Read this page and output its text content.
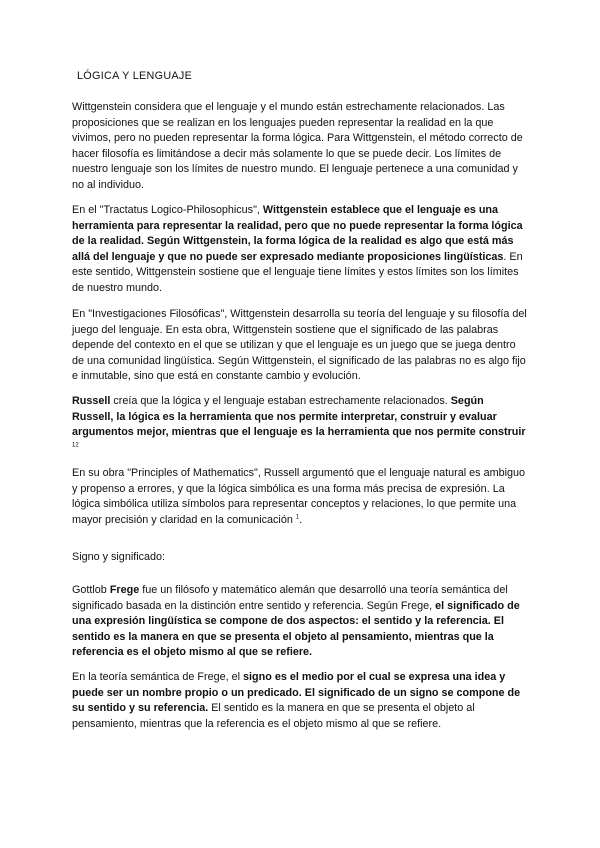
LÓGICA Y LENGUAJE

Wittgenstein considera que el lenguaje y el mundo están estrechamente relacionados. Las proposiciones que se realizan en los lenguajes pueden representar la realidad en la que vivimos, pero no pueden representar la forma lógica. Para Wittgenstein, el método correcto de hacer filosofía es limitándose a decir más solamente lo que se puede decir. Los límites de nuestro lenguaje son los límites de nuestro mundo. El lenguaje pertenece a una comunidad y no al individuo.

En el "Tractatus Logico-Philosophicus", Wittgenstein establece que el lenguaje es una herramienta para representar la realidad, pero que no puede representar la forma lógica de la realidad. Según Wittgenstein, la forma lógica de la realidad es algo que está más allá del lenguaje y que no puede ser expresado mediante proposiciones lingüísticas. En este sentido, Wittgenstein sostiene que el lenguaje tiene límites y estos límites son los límites de nuestro mundo.

En "Investigaciones Filosóficas", Wittgenstein desarrolla su teoría del lenguaje y su filosofía del juego del lenguaje. En esta obra, Wittgenstein sostiene que el significado de las palabras depende del contexto en el que se utilizan y que el lenguaje es un juego que se juega dentro de una comunidad lingüística. Según Wittgenstein, el significado de las palabras no es algo fijo e inmutable, sino que está en constante cambio y evolución.

Russell creía que la lógica y el lenguaje estaban estrechamente relacionados. Según Russell, la lógica es la herramienta que nos permite interpretar, construir y evaluar argumentos mejor, mientras que el lenguaje es la herramienta que nos permite construir $^{12}$

En su obra "Principles of Mathematics", Russell argumentó que el lenguaje natural es ambiguo y propenso a errores, y que la lógica simbólica es una forma más precisa de expresión. La lógica simbólica utiliza símbolos para representar conceptos y relaciones, lo que permite una mayor precisión y claridad en la comunicación $^1$.

Signo y significado:

Gottlob Frege fue un filósofo y matemático alemán que desarrolló una teoría semántica del significado basada en la distinción entre sentido y referencia. Según Frege, el significado de una expresión lingüística se compone de dos aspectos: el sentido y la referencia. El sentido es la manera en que se presenta el objeto al pensamiento, mientras que la referencia es el objeto mismo al que se refiere.

En la teoría semántica de Frege, el signo es el medio por el cual se expresa una idea y puede ser un nombre propio o un predicado. El significado de un signo se compone de su sentido y su referencia. El sentido es la manera en que se presenta el objeto al pensamiento, mientras que la referencia es el objeto mismo al que se refiere.
